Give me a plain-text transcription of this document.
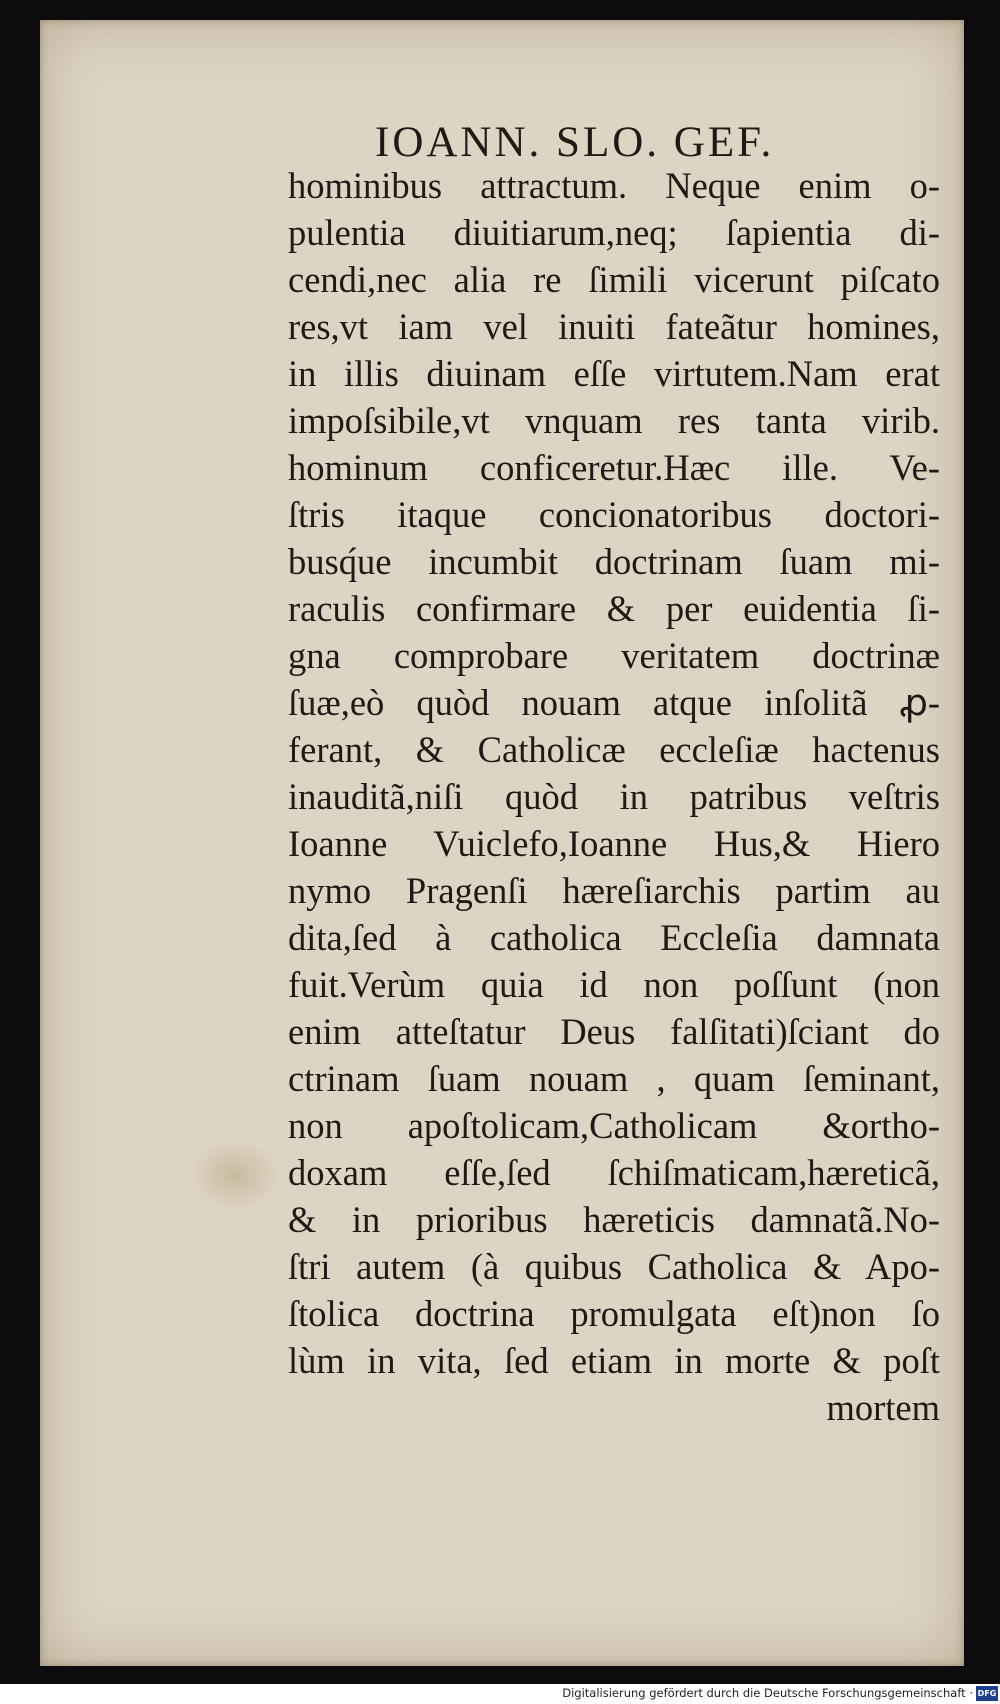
IOANN. SLO. GEF.
hominibus attractum. Neque enim o-
pulentia diuitiarum,neq; ſapientia di-
cendi,nec alia re ſimili vicerunt piſcato
res,vt iam vel inuiti fateãtur homines,
in illis diuinam eſſe virtutem.Nam erat
impoſsibile,vt vnquam res tanta virib.
hominum conficeretur.Hæc ille. Ve-
ſtris itaque concionatoribus doctori-
busq́ue incumbit doctrinam ſuam mi-
raculis confirmare & per euidentia ſi-
gna comprobare veritatem doctrinæ
ſuæ,eò quòd nouam atque inſolitã ꝓ-
ferant, & Catholicæ eccleſiæ hactenus
inauditã,niſi quòd in patribus veſtris
Ioanne Vuiclefo,Ioanne Hus,& Hiero
nymo Pragenſi hæreſiarchis partim au
dita,ſed à catholica Eccleſia damnata
fuit.Verùm quia id non poſſunt (non
enim atteſtatur Deus falſitati)ſciant do
ctrinam ſuam nouam , quam ſeminant,
non apoſtolicam,Catholicam &ortho-
doxam eſſe,ſed ſchiſmaticam,hæreticã,
& in prioribus hæreticis damnatã.No-
ſtri autem (à quibus Catholica & Apo-
ſtolica doctrina promulgata eſt)non ſo
lùm in vita, ſed etiam in morte & poſt
mortem
Digitalisierung gefördert durch die Deutsche Forschungsgemeinschaft · DFG
